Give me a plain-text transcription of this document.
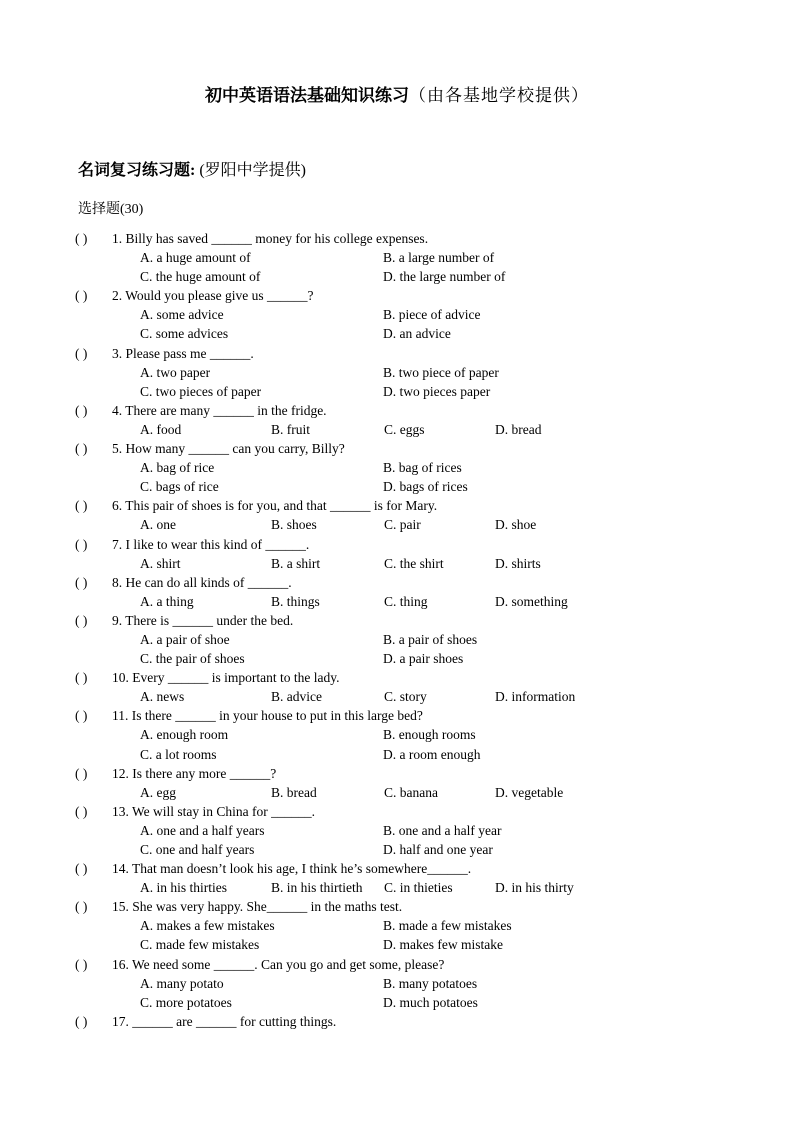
初中英语语法基础知识练习（由各基地学校提供）
名词复习练习题: (罗阳中学提供)
选择题(30)
( ) 1. Billy has saved ______ money for his college expenses.
A. a huge amount of	B. a large number of
C. the huge amount of	D. the large number of
( ) 2. Would you please give us ______?
A. some advice	B. piece of advice
C. some advices	D. an advice
( ) 3. Please pass me ______.
A. two paper	B. two piece of paper
C. two pieces of paper	D. two pieces paper
( ) 4. There are many ______ in the fridge.
A. food	B. fruit	C. eggs	D. bread
( ) 5. How many ______ can you carry, Billy?
A. bag of rice	B. bag of rices
C. bags of rice	D. bags of rices
( ) 6. This pair of shoes is for you, and that ______ is for Mary.
A. one	B. shoes	C. pair	D. shoe
( ) 7. I like to wear this kind of ______.
A. shirt	B. a shirt	C. the shirt	D. shirts
( ) 8. He can do all kinds of ______.
A. a thing	B. things	C. thing	D. something
( ) 9. There is ______ under the bed.
A. a pair of shoe	B. a pair of shoes
C. the pair of shoes	D. a pair shoes
( ) 10. Every ______ is important to the lady.
A. news	B. advice	C. story	D. information
( ) 11. Is there ______ in your house to put in this large bed?
A. enough room	B. enough rooms
C. a lot rooms	D. a room enough
( ) 12. Is there any more ______?
A. egg	B. bread	C. banana	D. vegetable
( ) 13. We will stay in China for ______.
A. one and a half years	B. one and a half year
C. one and half years	D. half and one year
( ) 14. That man doesn’t look his age, I think he’s somewhere______.
A. in his thirties	B. in his thirtieth C. in thieties	D. in his thirty
( ) 15. She was very happy. She______ in the maths test.
A. makes a few mistakes	B. made a few mistakes
C. made few mistakes	D. makes few mistake
( ) 16. We need some ______. Can you go and get some, please?
A. many potato	B. many potatoes
C. more potatoes	D. much potatoes
( ) 17. ______ are ______ for cutting things.
